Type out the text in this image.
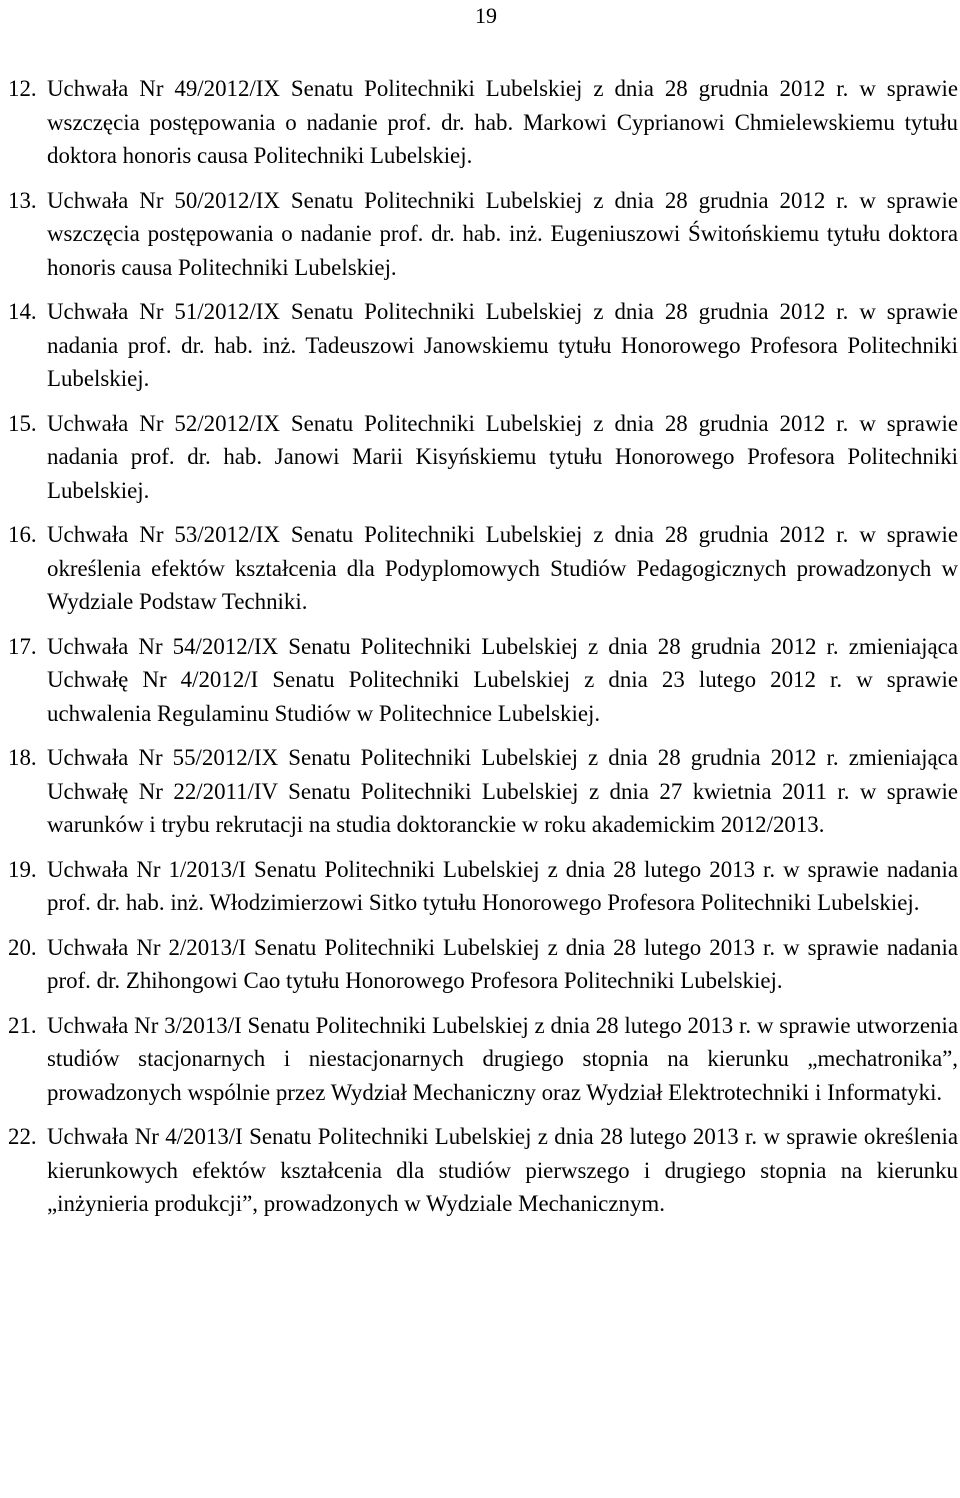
19
12. Uchwała Nr 49/2012/IX Senatu Politechniki Lubelskiej z dnia 28 grudnia 2012 r. w sprawie wszczęcia postępowania o nadanie prof. dr. hab. Markowi Cyprianowi Chmielewskiemu tytułu doktora honoris causa Politechniki Lubelskiej.
13. Uchwała Nr 50/2012/IX Senatu Politechniki Lubelskiej z dnia 28 grudnia 2012 r. w sprawie wszczęcia postępowania o nadanie prof. dr. hab. inż. Eugeniuszowi Świtońskiemu tytułu doktora honoris causa Politechniki Lubelskiej.
14. Uchwała Nr 51/2012/IX Senatu Politechniki Lubelskiej z dnia 28 grudnia 2012 r. w sprawie nadania prof. dr. hab. inż. Tadeuszowi Janowskiemu tytułu Honorowego Profesora Politechniki Lubelskiej.
15. Uchwała Nr 52/2012/IX Senatu Politechniki Lubelskiej z dnia 28 grudnia 2012 r. w sprawie nadania prof. dr. hab. Janowi Marii Kisyńskiemu tytułu Honorowego Profesora Politechniki Lubelskiej.
16. Uchwała Nr 53/2012/IX Senatu Politechniki Lubelskiej z dnia 28 grudnia 2012 r. w sprawie określenia efektów kształcenia dla Podyplomowych Studiów Pedagogicznych prowadzonych w Wydziale Podstaw Techniki.
17. Uchwała Nr 54/2012/IX Senatu Politechniki Lubelskiej z dnia 28 grudnia 2012 r. zmieniająca Uchwałę Nr 4/2012/I Senatu Politechniki Lubelskiej z dnia 23 lutego 2012 r. w sprawie uchwalenia Regulaminu Studiów w Politechnice Lubelskiej.
18. Uchwała Nr 55/2012/IX Senatu Politechniki Lubelskiej z dnia 28 grudnia 2012 r. zmieniająca Uchwałę Nr 22/2011/IV Senatu Politechniki Lubelskiej z dnia 27 kwietnia 2011 r. w sprawie warunków i trybu rekrutacji na studia doktoranckie w roku akademickim 2012/2013.
19. Uchwała Nr 1/2013/I Senatu Politechniki Lubelskiej z dnia 28 lutego 2013 r. w sprawie nadania prof. dr. hab. inż. Włodzimierzowi Sitko tytułu Honorowego Profesora Politechniki Lubelskiej.
20. Uchwała Nr 2/2013/I Senatu Politechniki Lubelskiej z dnia 28 lutego 2013 r. w sprawie nadania prof. dr. Zhihongowi Cao tytułu Honorowego Profesora Politechniki Lubelskiej.
21. Uchwała Nr 3/2013/I Senatu Politechniki Lubelskiej z dnia 28 lutego 2013 r. w sprawie utworzenia studiów stacjonarnych i niestacjonarnych drugiego stopnia na kierunku „mechatronika”, prowadzonych wspólnie przez Wydział Mechaniczny oraz Wydział Elektrotechniki i Informatyki.
22. Uchwała Nr 4/2013/I Senatu Politechniki Lubelskiej z dnia 28 lutego 2013 r. w sprawie określenia kierunkowych efektów kształcenia dla studiów pierwszego i drugiego stopnia na kierunku „inżynieria produkcji”, prowadzonych w Wydziale Mechanicznym.
